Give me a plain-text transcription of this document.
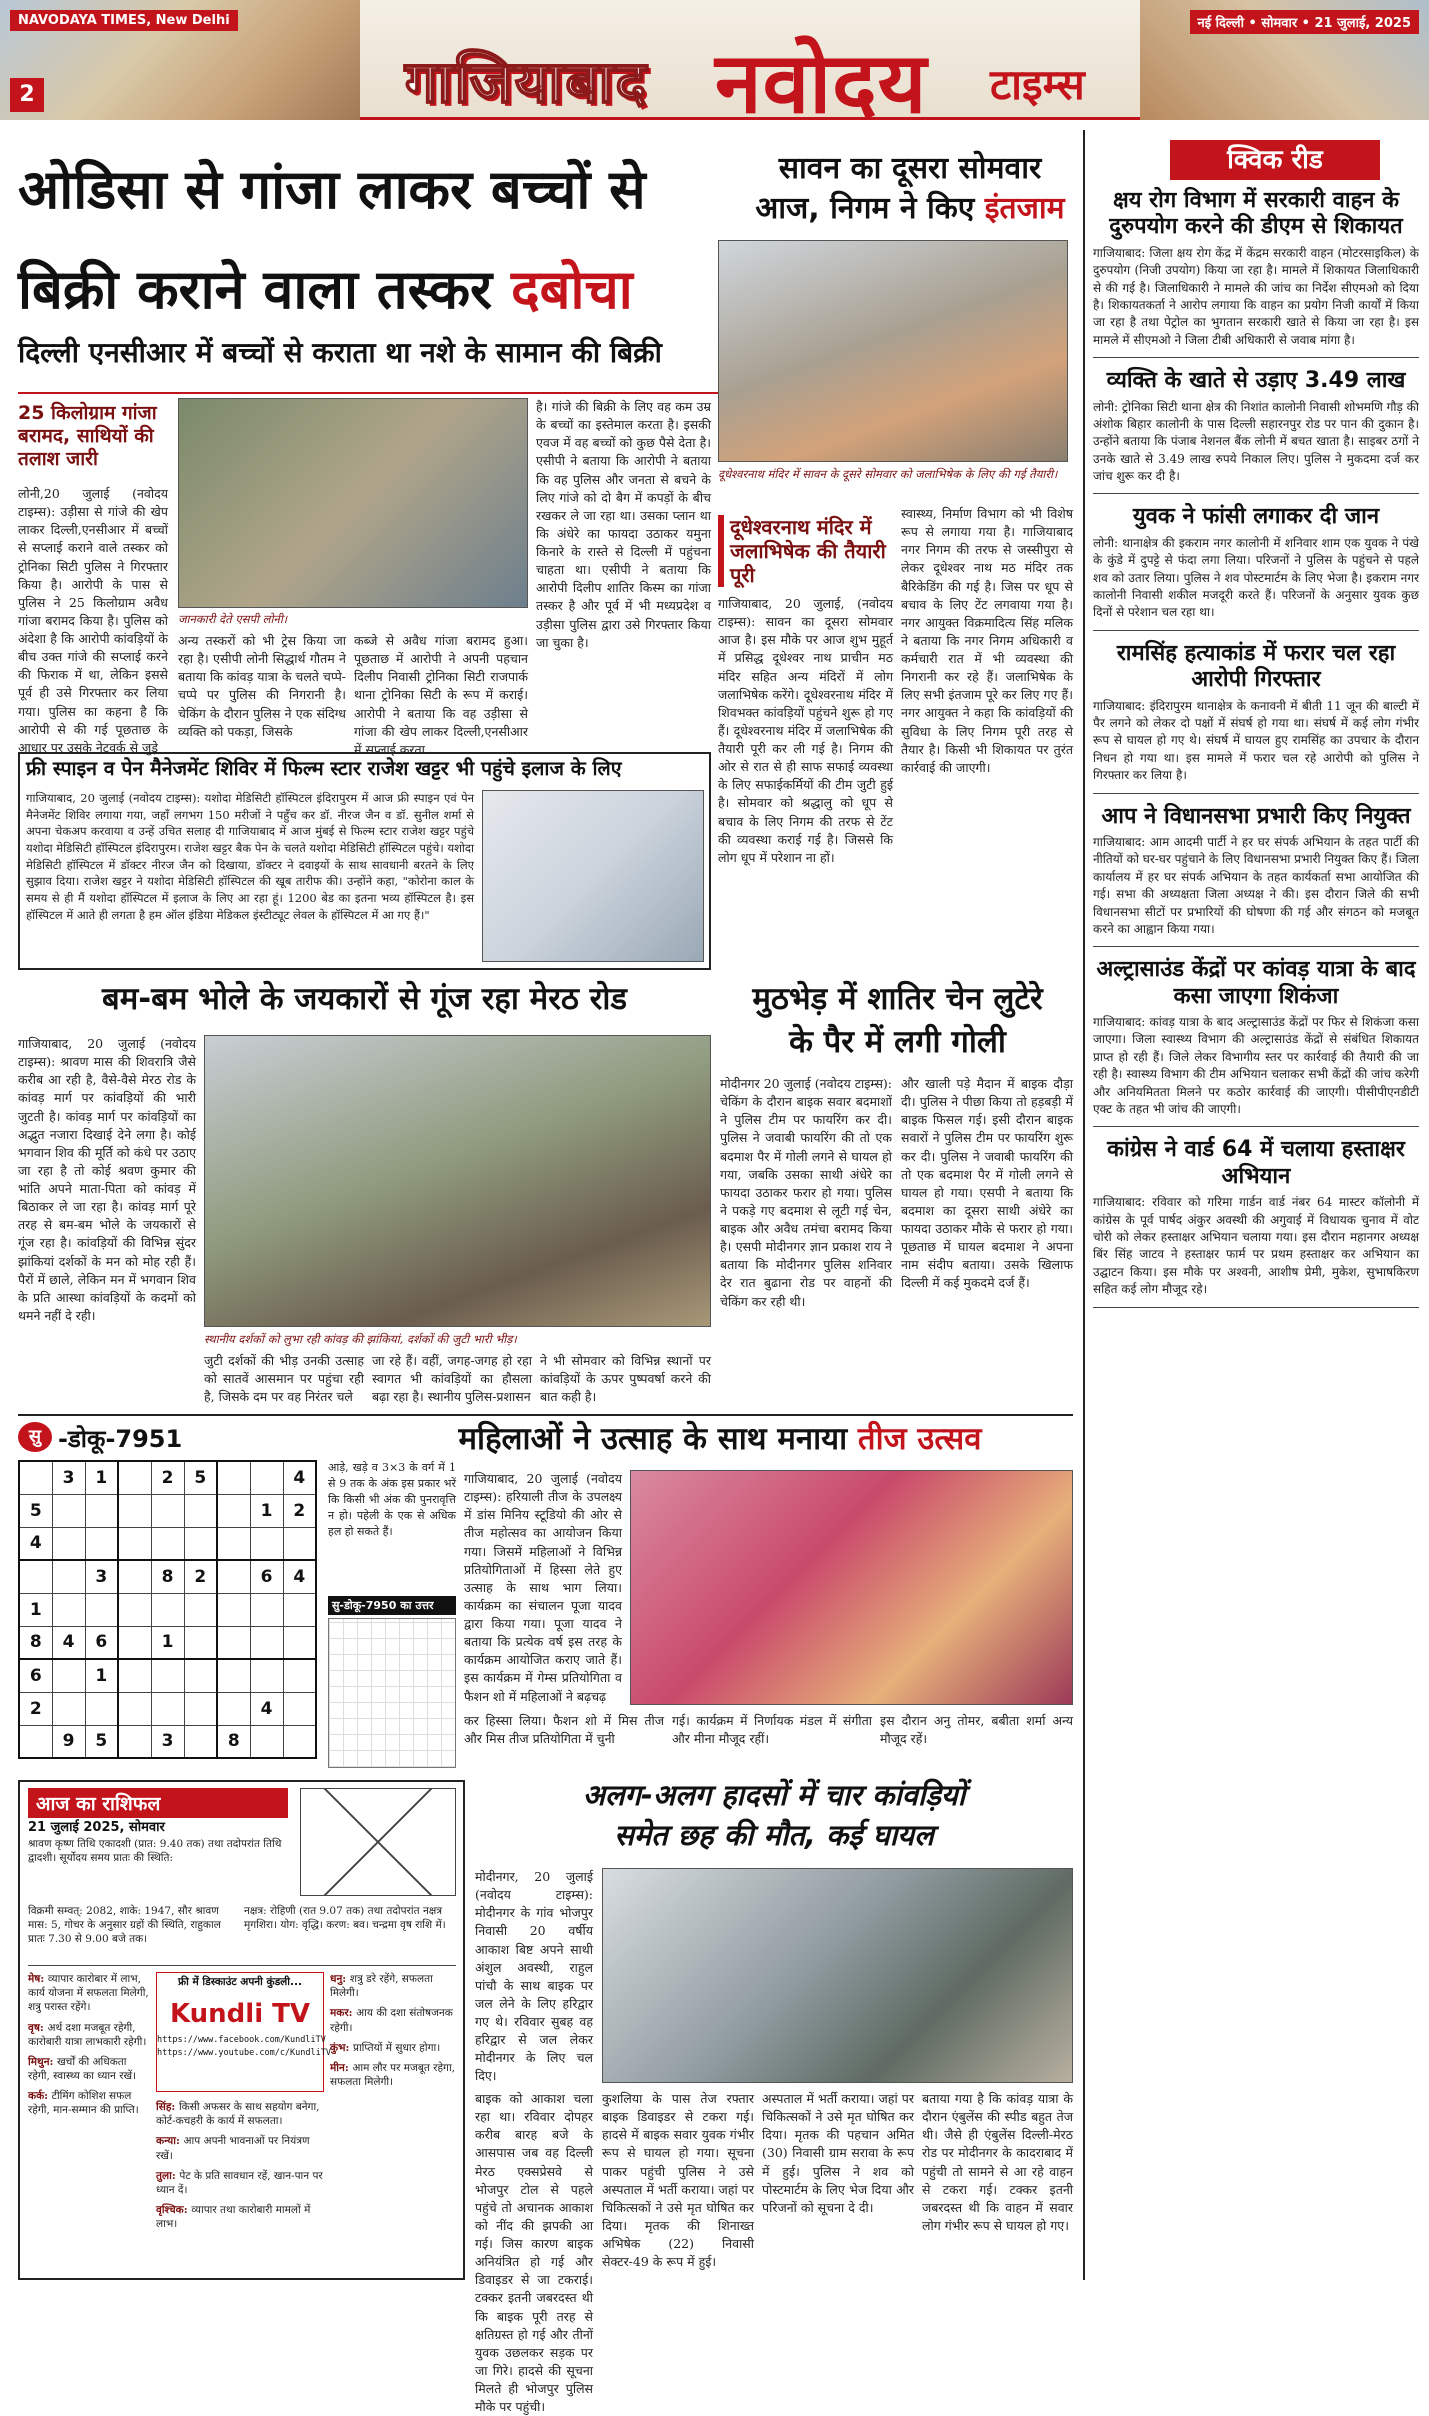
NAVODAYA TIMES, New Delhi	नई दिल्ली • सोमवार • 21 जुलाई, 2025
2	गाजियाबाद नवोदय टाइम्स
ओडिसा से गांजा लाकर बच्चों से
बिक्री कराने वाला तस्कर दबोचा
दिल्ली एनसीआर में बच्चों से कराता था नशे के सामान की बिक्री
25 किलोग्राम गांजा बरामद, साथियों की तलाश जारी
लोनी,20 जुलाई (नवोदय टाइम्स): उड़ीसा से गांजे की खेप लाकर दिल्ली,एनसीआर में बच्चों से सप्लाई कराने वाले तस्कर को ट्रोनिका सिटी पुलिस ने गिरफ्तार किया है। आरोपी के पास से पुलिस ने 25 किलोग्राम अवैध गांजा बरामद किया है। पुलिस को अंदेशा है कि आरोपी कांवड़ियों के बीच उक्त गांजे की सप्लाई करने की फिराक में था, लेकिन इससे पूर्व ही उसे गिरफ्तार कर लिया गया। पुलिस का कहना है कि आरोपी से की गई पूछताछ के आधार पर उसके नेटवर्क से जुड़े
जानकारी देते एसपी लोनी।
अन्य तस्करों को भी ट्रेस किया जा रहा है। एसीपी लोनी सिद्धार्थ गौतम ने बताया कि कांवड़ यात्रा के चलते चप्पे-चप्पे पर पुलिस की निगरानी है। चेकिंग के दौरान पुलिस ने एक संदिग्ध व्यक्ति को पकड़ा, जिसके
कब्जे से अवैध गांजा बरामद हुआ। पूछताछ में आरोपी ने अपनी पहचान दिलीप निवासी ट्रोनिका सिटी राजपार्क थाना ट्रोनिका सिटी के रूप में कराई। आरोपी ने बताया कि वह उड़ीसा से गांजा की खेप लाकर दिल्ली,एनसीआर में सप्लाई करता
है। गांजे की बिक्री के लिए वह कम उम्र के बच्चों का इस्तेमाल करता है। इसकी एवज में वह बच्चों को कुछ पैसे देता है। एसीपी ने बताया कि आरोपी ने बताया कि वह पुलिस और जनता से बचने के लिए गांजे को दो बैग में कपड़ों के बीच रखकर ले जा रहा था। उसका प्लान था कि अंधेरे का फायदा उठाकर यमुना किनारे के रास्ते से दिल्ली में पहुंचना चाहता था। एसीपी ने बताया कि आरोपी दिलीप शातिर किस्म का गांजा तस्कर है और पूर्व में भी मध्यप्रदेश व उड़ीसा पुलिस द्वारा उसे गिरफ्तार किया जा चुका है।
सावन का दूसरा सोमवार
आज, निगम ने किए इंतजाम
दूधेश्वरनाथ मंदिर में सावन के दूसरे सोमवार को जलाभिषेक के लिए की गई तैयारी।
दूधेश्वरनाथ मंदिर में जलाभिषेक की तैयारी पूरी
गाजियाबाद, 20 जुलाई, (नवोदय टाइम्स): सावन का दूसरा सोमवार आज है। इस मौके पर आज शुभ मुहूर्त में प्रसिद्ध दूधेश्वर नाथ प्राचीन मठ मंदिर सहित अन्य मंदिरों में लोग जलाभिषेक करेंगे। दूधेश्वरनाथ मंदिर में शिवभक्त कांवड़ियों पहुंचने शुरू हो गए हैं। दूधेश्वरनाथ मंदिर में जलाभिषेक की तैयारी पूरी कर ली गई है। निगम की ओर से रात से ही साफ सफाई व्यवस्था के लिए सफाईकर्मियों की टीम जुटी हुई है। सोमवार को श्रद्धालु को धूप से बचाव के लिए निगम की तरफ से टेंट की व्यवस्था कराई गई है। जिससे कि लोग धूप में परेशान ना हों।
स्वास्थ्य, निर्माण विभाग को भी विशेष रूप से लगाया गया है। गाजियाबाद नगर निगम की तरफ से जस्सीपुरा से लेकर दूधेश्वर नाथ मठ मंदिर तक बैरिकेडिंग की गई है। जिस पर धूप से बचाव के लिए टेंट लगवाया गया है। नगर आयुक्त विक्रमादित्य सिंह मलिक ने बताया कि नगर निगम अधिकारी व कर्मचारी रात में भी व्यवस्था की निगरानी कर रहे हैं। जलाभिषेक के लिए सभी इंतजाम पूरे कर लिए गए हैं। नगर आयुक्त ने कहा कि कांवड़ियों की सुविधा के लिए निगम पूरी तरह से तैयार है। किसी भी शिकायत पर तुरंत कार्रवाई की जाएगी।
फ्री स्पाइन व पेन मैनेजमेंट शिविर में फिल्म स्टार राजेश खट्टर भी पहुंचे इलाज के लिए
गाजियाबाद, 20 जुलाई (नवोदय टाइम्स): यशोदा मेडिसिटी हॉस्पिटल इंदिरापुरम में आज फ्री स्पाइन एवं पेन मैनेजमेंट शिविर लगाया गया, जहाँ लगभग 150 मरीजों ने पहुँच कर डॉ. नीरज जैन व डॉ. सुनील शर्मा से अपना चेकअप करवाया व उन्हें उचित सलाह दी गाजियाबाद में आज मुंबई से फिल्म स्टार राजेश खट्टर पहुंचे यशोदा मेडिसिटी हॉस्पिटल इंदिरापुरम। राजेश खट्टर बैक पेन के चलते यशोदा मेडिसिटी हॉस्पिटल पहुंचे। यशोदा मेडिसिटी हॉस्पिटल में डॉक्टर नीरज जैन को दिखाया, डॉक्टर ने दवाइयों के साथ सावधानी बरतने के लिए सुझाव दिया। राजेश खट्टर ने यशोदा मेडिसिटी हॉस्पिटल की खूब तारीफ की। उन्होंने कहा, "कोरोना काल के समय से ही मैं यशोदा हॉस्पिटल में इलाज के लिए आ रहा हूं। 1200 बेड का इतना भव्य हॉस्पिटल है। इस हॉस्पिटल में आते ही लगता है हम ऑल इंडिया मेडिकल इंस्टीट्यूट लेवल के हॉस्पिटल में आ गए हैं।"
बम-बम भोले के जयकारों से गूंज रहा मेरठ रोड
गाजियाबाद, 20 जुलाई (नवोदय टाइम्स): श्रावण मास की शिवरात्रि जैसे करीब आ रही है, वैसे-वैसे मेरठ रोड के कांवड़ मार्ग पर कांवड़ियों की भारी जुटती है। कांवड़ मार्ग पर कांवड़ियों का अद्भुत नजारा दिखाई देने लगा है। कोई भगवान शिव की मूर्ति को कंधे पर उठाए जा रहा है तो कोई श्रवण कुमार की भांति अपने माता-पिता को कांवड़ में बिठाकर ले जा रहा है। कांवड़ मार्ग पूरे तरह से बम-बम भोले के जयकारों से गूंज रहा है। कांवड़ियों की विभिन्न सुंदर झांकियां दर्शकों के मन को मोह रही हैं। पैरों में छाले, लेकिन मन में भगवान शिव के प्रति आस्था कांवड़ियों के कदमों को थमने नहीं दे रही।
स्थानीय दर्शकों को लुभा रही कांवड़ की झांकियां, दर्शकों की जुटी भारी भीड़।
जुटी दर्शकों की भीड़ उनकी उत्साह को सातवें आसमान पर पहुंचा रही है, जिसके दम पर वह निरंतर चले
जा रहे हैं। वहीं, जगह-जगह हो रहा स्वागत भी कांवड़ियों का हौसला बढ़ा रहा है। स्थानीय पुलिस-प्रशासन
ने भी सोमवार को विभिन्न स्थानों पर कांवड़ियों के ऊपर पुष्पवर्षा करने की बात कही है।
मुठभेड़ में शातिर चेन लुटेरे
के पैर में लगी गोली
मोदीनगर 20 जुलाई (नवोदय टाइम्स): चेकिंग के दौरान बाइक सवार बदमाशों ने पुलिस टीम पर फायरिंग कर दी। पुलिस ने जवाबी फायरिंग की तो एक बदमाश पैर में गोली लगने से घायल हो गया, जबकि उसका साथी अंधेरे का फायदा उठाकर फरार हो गया। पुलिस ने पकड़े गए बदमाश से लूटी गई चेन, बाइक और अवैध तमंचा बरामद किया है। एसपी मोदीनगर ज्ञान प्रकाश राय ने बताया कि मोदीनगर पुलिस शनिवार देर रात बुढाना रोड पर वाहनों की चेकिंग कर रही थी।
और खाली पड़े मैदान में बाइक दौड़ा दी। पुलिस ने पीछा किया तो हड़बड़ी में बाइक फिसल गई। इसी दौरान बाइक सवारों ने पुलिस टीम पर फायरिंग शुरू कर दी। पुलिस ने जवाबी फायरिंग की तो एक बदमाश पैर में गोली लगने से घायल हो गया। एसपी ने बताया कि बदमाश का दूसरा साथी अंधेरे का फायदा उठाकर मौके से फरार हो गया। पूछताछ में घायल बदमाश ने अपना नाम संदीप बताया। उसके खिलाफ दिल्ली में कई मुकदमे दर्ज हैं।
सु -डोकू-7951
	3	1		2	5			4
5							1	2
4								
		3		8	2		6	4
1								
8	4	6		1				
6		1						
2							4	
	9	5		3		8		
आड़े, खड़े व 3×3 के वर्ग में 1 से 9 तक के अंक इस प्रकार भरें कि किसी भी अंक की पुनरावृत्ति न हो। पहेली के एक से अधिक हल हो सकते हैं।
सु-डोकू-7950 का उत्तर
महिलाओं ने उत्साह के साथ मनाया तीज उत्सव
गाजियाबाद, 20 जुलाई (नवोदय टाइम्स): हरियाली तीज के उपलक्ष्य में डांस मिनिय स्टूडियो की ओर से तीज महोत्सव का आयोजन किया गया। जिसमें महिलाओं ने विभिन्न प्रतियोगिताओं में हिस्सा लेते हुए उत्साह के साथ भाग लिया। कार्यक्रम का संचालन पूजा यादव द्वारा किया गया। पूजा यादव ने बताया कि प्रत्येक वर्ष इस तरह के कार्यक्रम आयोजित कराए जाते हैं। इस कार्यक्रम में गेम्स प्रतियोगिता व फैशन शो में महिलाओं ने बढ़चढ़
कर हिस्सा लिया। फैशन शो में मिस तीज और मिस तीज प्रतियोगिता में चुनी
गई। कार्यक्रम में निर्णायक मंडल में संगीता और मीना मौजूद रहीं।
इस दौरान अनु तोमर, बबीता शर्मा अन्य मौजूद रहें।
आज का राशिफल
21 जुलाई 2025, सोमवार
श्रावण कृष्ण तिथि एकादशी (प्रात: 9.40 तक) तथा तदोपरांत तिथि द्वादशी। सूर्योदय समय प्रातः की स्थिति:
विक्रमी सम्वत्: 2082, शाके: 1947, सौर श्रावण मास: 5, गोचर के अनुसार ग्रहों की स्थिति, राहुकाल प्रातः 7.30 से 9.00 बजे तक।
नक्षत्र: रोहिणी (रात 9.07 तक) तथा तदोपरांत नक्षत्र मृगशिरा। योग: वृद्धि। करण: बव। चन्द्रमा वृष राशि में।
मेष: व्यापार कारोबार में लाभ, कार्य योजना में सफलता मिलेगी, शत्रु परास्त रहेंगे।
वृष: अर्थ दशा मजबूत रहेगी, कारोबारी यात्रा लाभकारी रहेगी।
मिथुन: खर्चों की अधिकता रहेगी, स्वास्थ्य का ध्यान रखें।
कर्क: टीमिंग कोशिश सफल रहेगी, मान-सम्मान की प्राप्ति।
फ्री में डिस्काउंट अपनी कुंडली...
Kundli TV
https://www.facebook.com/KundliTV
https://www.youtube.com/c/KundliTV
सिंह: किसी अफसर के साथ सहयोग बनेगा, कोर्ट-कचहरी के कार्य में सफलता।
कन्या: आप अपनी भावनाओं पर नियंत्रण रखें।
तुला: पेट के प्रति सावधान रहें, खान-पान पर ध्यान दें।
वृश्चिक: व्यापार तथा कारोबारी मामलों में लाभ।
धनु: शत्रु डरे रहेंगे, सफलता मिलेगी।
मकर: आय की दशा संतोषजनक रहेगी।
कुंभ: प्राप्तियों में सुधार होगा।
मीन: आम लौर पर मजबूत रहेगा, सफलता मिलेगी।
अलग-अलग हादसों में चार कांवड़ियों
समेत छह की मौत, कई घायल
मोदीनगर, 20 जुलाई (नवोदय टाइम्स): मोदीनगर के गांव भोजपुर निवासी 20 वर्षीय आकाश बिष्ट अपने साथी अंशुल अवस्थी, राहुल पांचौ के साथ बाइक पर जल लेने के लिए हरिद्वार गए थे। रविवार सुबह वह हरिद्वार से जल लेकर मोदीनगर के लिए चल दिए।
बाइक को आकाश चला रहा था। रविवार दोपहर करीब बारह बजे के आसपास जब वह दिल्ली मेरठ एक्सप्रेसवे से भोजपुर टोल से पहले पहुंचे तो अचानक आकाश को नींद की झपकी आ गई। जिस कारण बाइक अनियंत्रित हो गई और डिवाइडर से जा टकराई। टक्कर इतनी जबरदस्त थी कि बाइक पूरी तरह से क्षतिग्रस्त हो गई और तीनों युवक उछलकर सड़क पर जा गिरे। हादसे की सूचना मिलते ही भोजपुर पुलिस मौके पर पहुंची।
कुशलिया के पास तेज रफ्तार बाइक डिवाइडर से टकरा गई। हादसे में बाइक सवार युवक गंभीर रूप से घायल हो गया। सूचना पाकर पहुंची पुलिस ने उसे अस्पताल में भर्ती कराया। जहां पर चिकित्सकों ने उसे मृत घोषित कर दिया। मृतक की शिनाख्त अभिषेक (22) निवासी सेक्टर-49 के रूप में हुई।
अस्पताल में भर्ती कराया। जहां पर चिकित्सकों ने उसे मृत घोषित कर दिया। मृतक की पहचान अमित (30) निवासी ग्राम सरावा के रूप में हुई। पुलिस ने शव को पोस्टमार्टम के लिए भेज दिया और परिजनों को सूचना दे दी।
बताया गया है कि कांवड़ यात्रा के दौरान एंबुलेंस की स्पीड बहुत तेज थी। जैसे ही एंबुलेंस दिल्ली-मेरठ रोड पर मोदीनगर के कादराबाद में पहुंची तो सामने से आ रहे वाहन से टकरा गई। टक्कर इतनी जबरदस्त थी कि वाहन में सवार लोग गंभीर रूप से घायल हो गए।
क्विक रीड
क्षय रोग विभाग में सरकारी वाहन के दुरुपयोग करने की डीएम से शिकायत
गाजियाबाद: जिला क्षय रोग केंद्र में केंद्रम सरकारी वाहन (मोटरसाइकिल) के दुरुपयोग (निजी उपयोग) किया जा रहा है। मामले में शिकायत जिलाधिकारी से की गई है। जिलाधिकारी ने मामले की जांच का निर्देश सीएमओ को दिया है। शिकायतकर्ता ने आरोप लगाया कि वाहन का प्रयोग निजी कार्यों में किया जा रहा है तथा पेट्रोल का भुगतान सरकारी खाते से किया जा रहा है। इस मामले में सीएमओ ने जिला टीबी अधिकारी से जवाब मांगा है।
व्यक्ति के खाते से उड़ाए 3.49 लाख
लोनी: ट्रोनिका सिटी थाना क्षेत्र की निशांत कालोनी निवासी शोभमणि गौड़ की अंशोक बिहार कालोनी के पास दिल्ली सहारनपुर रोड पर पान की दुकान है। उन्होंने बताया कि पंजाब नेशनल बैंक लोनी में बचत खाता है। साइबर ठगों ने उनके खाते से 3.49 लाख रुपये निकाल लिए। पुलिस ने मुकदमा दर्ज कर जांच शुरू कर दी है।
युवक ने फांसी लगाकर दी जान
लोनी: थानाक्षेत्र की इकराम नगर कालोनी में शनिवार शाम एक युवक ने पंखे के कुंडे में दुपट्टे से फंदा लगा लिया। परिजनों ने पुलिस के पहुंचने से पहले शव को उतार लिया। पुलिस ने शव पोस्टमार्टम के लिए भेजा है। इकराम नगर कालोनी निवासी शकील मजदूरी करते हैं। परिजनों के अनुसार युवक कुछ दिनों से परेशान चल रहा था।
रामसिंह हत्याकांड में फरार चल रहा आरोपी गिरफ्तार
गाजियाबाद: इंदिरापुरम थानाक्षेत्र के कनावनी में बीती 11 जून की बाल्टी में पैर लगने को लेकर दो पक्षों में संघर्ष हो गया था। संघर्ष में कई लोग गंभीर रूप से घायल हो गए थे। संघर्ष में घायल हुए रामसिंह का उपचार के दौरान निधन हो गया था। इस मामले में फरार चल रहे आरोपी को पुलिस ने गिरफ्तार कर लिया है।
आप ने विधानसभा प्रभारी किए नियुक्त
गाजियाबाद: आम आदमी पार्टी ने हर घर संपर्क अभियान के तहत पार्टी की नीतियों को घर-घर पहुंचाने के लिए विधानसभा प्रभारी नियुक्त किए हैं। जिला कार्यालय में हर घर संपर्क अभियान के तहत कार्यकर्ता सभा आयोजित की गई। सभा की अध्यक्षता जिला अध्यक्ष ने की। इस दौरान जिले की सभी विधानसभा सीटों पर प्रभारियों की घोषणा की गई और संगठन को मजबूत करने का आह्वान किया गया।
अल्ट्रासाउंड केंद्रों पर कांवड़ यात्रा के बाद कसा जाएगा शिकंजा
गाजियाबाद: कांवड़ यात्रा के बाद अल्ट्रासाउंड केंद्रों पर फिर से शिकंजा कसा जाएगा। जिला स्वास्थ्य विभाग की अल्ट्रासाउंड केंद्रों से संबंधित शिकायत प्राप्त हो रही हैं। जिले लेकर विभागीय स्तर पर कार्रवाई की तैयारी की जा रही है। स्वास्थ्य विभाग की टीम अभियान चलाकर सभी केंद्रों की जांच करेगी और अनियमितता मिलने पर कठोर कार्रवाई की जाएगी। पीसीपीएनडीटी एक्ट के तहत भी जांच की जाएगी।
कांग्रेस ने वार्ड 64 में चलाया हस्ताक्षर अभियान
गाजियाबाद: रविवार को गरिमा गार्डन वार्ड नंबर 64 मास्टर कॉलोनी में कांग्रेस के पूर्व पार्षद अंकुर अवस्थी की अगुवाई में विधायक चुनाव में वोट चोरी को लेकर हस्ताक्षर अभियान चलाया गया। इस दौरान महानगर अध्यक्ष बिंर सिंह जाटव ने हस्ताक्षर फार्म पर प्रथम हस्ताक्षर कर अभियान का उद्घाटन किया। इस मौके पर अश्वनी, आशीष प्रेमी, मुकेश, सुभाषकिरण सहित कई लोग मौजूद रहे।
